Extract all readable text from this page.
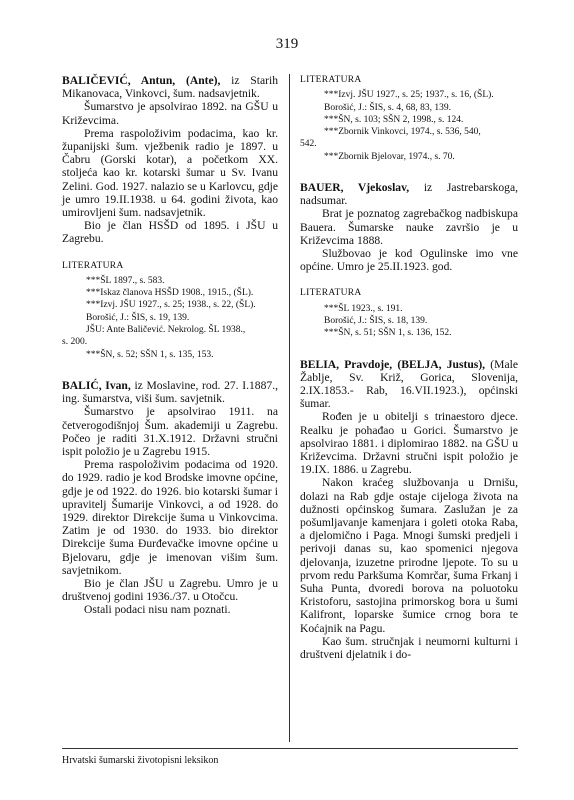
319

BALIČEVIĆ, Antun, (Ante), iz Starih Mikanovaca, Vinkovci, šum. nadsavjetnik.

Šumarstvo je apsolvirao 1892. na GŠU u Križevcima.

Prema raspoloživim podacima, kao kr. županijski šum. vježbenik radio je 1897. u Čabru (Gorski kotar), a početkom XX. stoljeća kao kr. kotarski šumar u Sv. Ivanu Zelini. God. 1927. nalazio se u Karlovcu, gdje je umro 19.II.1938. u 64. godini života, kao umirovljeni šum. nadsavjetnik.

Bio je član HSŠD od 1895. i JŠU u Zagrebu.

LITERATURA
***ŠL 1897., s. 583.
***Iskaz članova HSŠD 1908., 1915., (ŠL).
***Izvj. JŠU 1927., s. 25; 1938., s. 22, (ŠL).
Borošić, J.: ŠIS, s. 19, 139.
JŠU: Ante Baličević. Nekrolog. ŠL 1938.,
s. 200.
***ŠN, s. 52; SŠN 1, s. 135, 153.

BALIĆ, Ivan, iz Moslavine, rod. 27. I.1887., ing. šumarstva, viši šum. savjetnik.

Šumarstvo je apsolvirao 1911. na četverogodišnjoj Šum. akademiji u Zagrebu. Počeo je raditi 31.X.1912. Državni stručni ispit položio je u Zagrebu 1915.

Prema raspoloživim podacima od 1920. do 1929. radio je kod Brodske imovne općine, gdje je od 1922. do 1926. bio kotarski šumar i upravitelj Šumarije Vinkovci, a od 1928. do 1929. direktor Direkcije šuma u Vinkovcima. Zatim je od 1930. do 1933. bio direktor Direkcije šuma Đurđevačke imovne općine u Bjelovaru, gdje je imenovan višim šum. savjetnikom.

Bio je član JŠU u Zagrebu. Umro je u društvenoj godini 1936./37. u Otočcu.

Ostali podaci nisu nam poznati.

LITERATURA
***Izvj. JŠU 1927., s. 25; 1937., s. 16, (ŠL).
Borošić, J.: ŠIS, s. 4, 68, 83, 139.
***ŠN, s. 103; SŠN 2, 1998., s. 124.
***Zbornik Vinkovci, 1974., s. 536, 540,
542.
***Zbornik Bjelovar, 1974., s. 70.

BAUER, Vjekoslav, iz Jastrebarskoga, nadsumar.

Brat je poznatog zagrebačkog nadbiskupa Bauera. Šumarske nauke završio je u Križevcima 1888.

Službovao je kod Ogulinske imo vne općine. Umro je 25.II.1923. god.

LITERATURA
***ŠL 1923., s. 191.
Borošić, J.: ŠIS, s. 18, 139.
***ŠN, s. 51; SŠN 1, s. 136, 152.

BELIA, Pravdoje, (BELJA, Justus), (Male Žablje, Sv. Križ, Gorica, Slovenija, 2.IX.1853.- Rab, 16.VII.1923.), općinski šumar.

Rođen je u obitelji s trinaestoro djece. Realku je pohađao u Gorici. Šumarstvo je apsolvirao 1881. i diplomirao 1882. na GŠU u Križevcima. Državni stručni ispit položio je 19.IX. 1886. u Zagrebu.

Nakon kraćeg službovanja u Drnišu, dolazi na Rab gdje ostaje cijeloga života na dužnosti općinskog šumara. Zaslužan je za pošumljavanje kamenjara i goleti otoka Raba, a djelomično i Paga. Mnogi šumski predjeli i perivoji danas su, kao spomenici njegova djelovanja, izuzetne prirodne ljepote. To su u prvom redu Parkšuma Komrčar, šuma Frkanj i Suha Punta, dvoredi borova na poluotoku Kristoforu, sastojina primorskog bora u šumi Kalifront, loparske šumice crnog bora te Koćajnik na Pagu.

Kao šum. stručnjak i neumorni kulturni i društveni djelatnik i do-

Hrvatski šumarski životopisni leksikon
